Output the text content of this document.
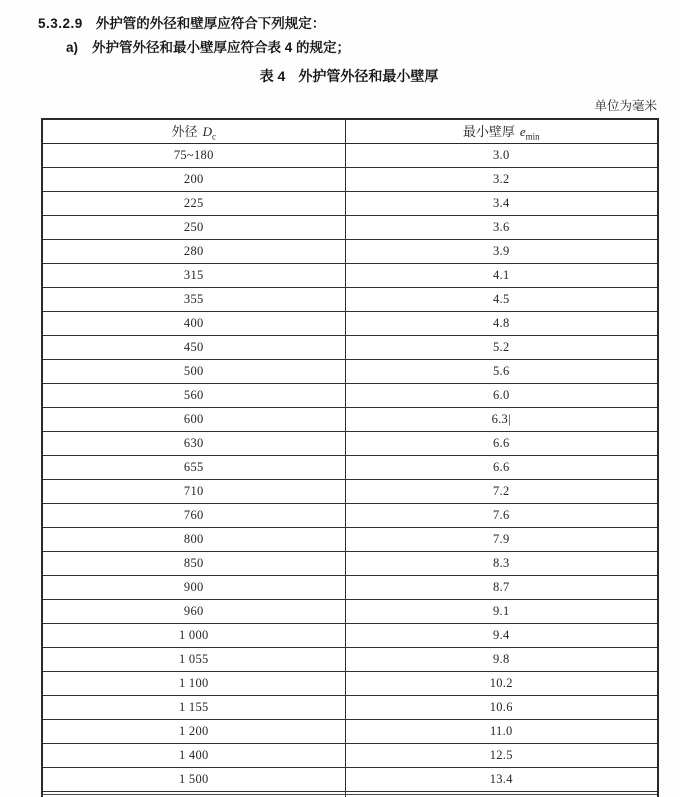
5.3.2.9 外护管的外径和壁厚应符合下列规定：
a) 外护管外径和最小壁厚应符合表 4 的规定；
表 4 外护管外径和最小壁厚
单位为毫米
外径 $D_c$	最小壁厚 $e_{min}$
75~180	3.0
200	3.2
225	3.4
250	3.6
280	3.9
315	4.1
355	4.5
400	4.8
450	5.2
500	5.6
560	6.0
600	6.3|
630	6.6
655	6.6
710	7.2
760	7.6
800	7.9
850	8.3
900	8.7
960	9.1
1 000	9.4
1 055	9.8
1 100	10.2
1 155	10.6
1 200	11.0
1 400	12.5
1 500	13.4
